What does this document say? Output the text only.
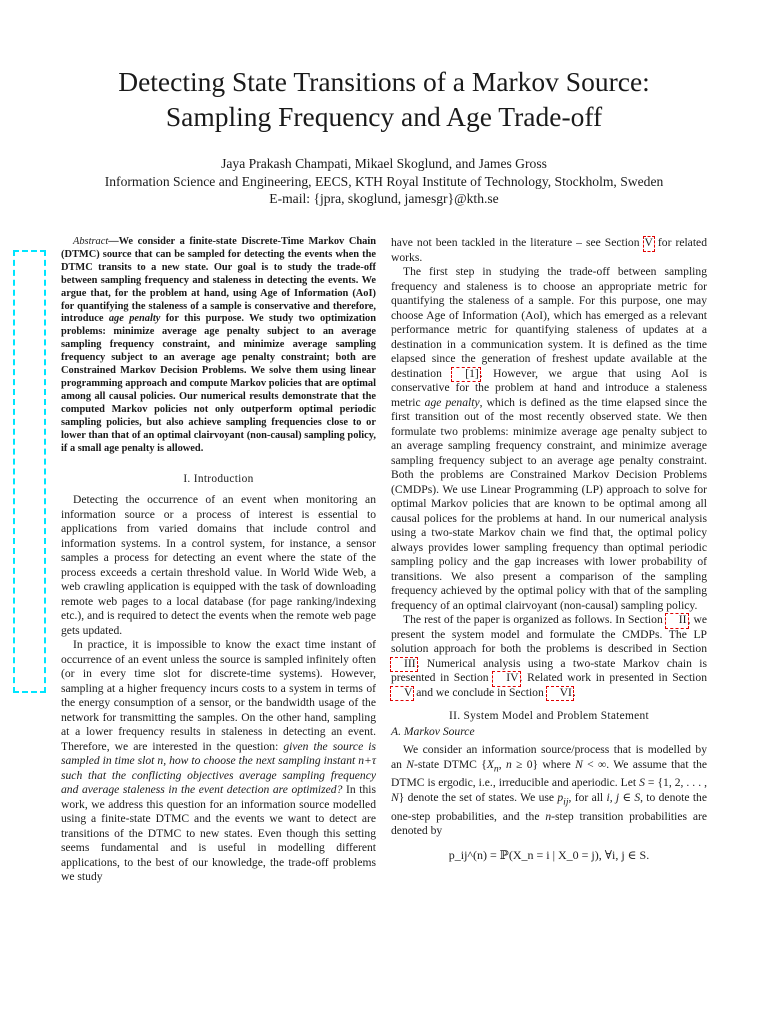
Detecting State Transitions of a Markov Source:
Sampling Frequency and Age Trade-off
Jaya Prakash Champati, Mikael Skoglund, and James Gross
Information Science and Engineering, EECS, KTH Royal Institute of Technology, Stockholm, Sweden
E-mail: {jpra, skoglund, jamesgr}@kth.se

Abstract—We consider a finite-state Discrete-Time Markov Chain (DTMC) source that can be sampled for detecting the events when the DTMC transits to a new state. Our goal is to study the trade-off between sampling frequency and staleness in detecting the events. We argue that, for the problem at hand, using Age of Information (AoI) for quantifying the staleness of a sample is conservative and therefore, introduce age penalty for this purpose. We study two optimization problems: minimize average age penalty subject to an average sampling frequency constraint, and minimize average sampling frequency subject to an average age penalty constraint; both are Constrained Markov Decision Problems. We solve them using linear programming approach and compute Markov policies that are optimal among all causal policies. Our numerical results demonstrate that the computed Markov policies not only outperform optimal periodic sampling policies, but also achieve sampling frequencies close to or lower than that of an optimal clairvoyant (non-causal) sampling policy, if a small age penalty is allowed.

I. Introduction

Detecting the occurrence of an event when monitoring an information source or a process of interest is essential to applications from varied domains that include control and information systems. In a control system, for instance, a sensor samples a process for detecting an event where the state of the process exceeds a certain threshold value. In World Wide Web, a web crawling application is equipped with the task of downloading remote web pages to a local database (for page ranking/indexing etc.), and is required to detect the events when the remote web page gets updated.

In practice, it is impossible to know the exact time instant of occurrence of an event unless the source is sampled infinitely often (or in every time slot for discrete-time systems). However, sampling at a higher frequency incurs costs to a system in terms of the energy consumption of a sensor, or the bandwidth usage of the network for transmitting the samples. On the other hand, sampling at a lower frequency results in staleness in detecting an event. Therefore, we are interested in the question: given the source is sampled in time slot n, how to choose the next sampling instant n+τ such that the conflicting objectives average sampling frequency and average staleness in the event detection are optimized? In this work, we address this question for an information source modelled using a finite-state DTMC and the events we want to detect are transitions of the DTMC to new states. Even though this setting seems fundamental and is useful in modelling different applications, to the best of our knowledge, the trade-off problems we study

have not been tackled in the literature – see Section V for related works.

The first step in studying the trade-off between sampling frequency and staleness is to choose an appropriate metric for quantifying the staleness of a sample. For this purpose, one may choose Age of Information (AoI), which has emerged as a relevant performance metric for quantifying staleness of updates at a destination in a communication system. It is defined as the time elapsed since the generation of freshest update available at the destination [1]. However, we argue that using AoI is conservative for the problem at hand and introduce a staleness metric age penalty, which is defined as the time elapsed since the first transition out of the most recently observed state. We then formulate two problems: minimize average age penalty subject to an average sampling frequency constraint, and minimize average sampling frequency subject to an average age penalty constraint. Both the problems are Constrained Markov Decision Problems (CMDPs). We use Linear Programming (LP) approach to solve for optimal Markov policies that are known to be optimal among all causal polices for the problems at hand. In our numerical analysis using a two-state Markov chain we find that, the optimal policy always provides lower sampling frequency than optimal periodic sampling policy and the gap increases with lower probability of transitions. We also present a comparison of the sampling frequency achieved by the optimal policy with that of the sampling frequency of an optimal clairvoyant (non-causal) sampling policy.

The rest of the paper is organized as follows. In Section II, we present the system model and formulate the CMDPs. The LP solution approach for both the problems is described in Section III. Numerical analysis using a two-state Markov chain is presented in Section IV. Related work in presented in Section V and we conclude in Section VI.

II. System Model and Problem Statement
A. Markov Source

We consider an information source/process that is modelled by an N-state DTMC {$X_n$, n ≥ 0} where N < ∞. We assume that the DTMC is ergodic, i.e., irreducible and aperiodic. Let S = {1, 2, . . . , N} denote the set of states. We use $p_{ij}$, for all i, j ∈ S, to denote the one-step probabilities, and the n-step transition probabilities are denoted by

p_ij^(n) = ℙ(X_n = i | X_0 = j), ∀i, j ∈ S.
